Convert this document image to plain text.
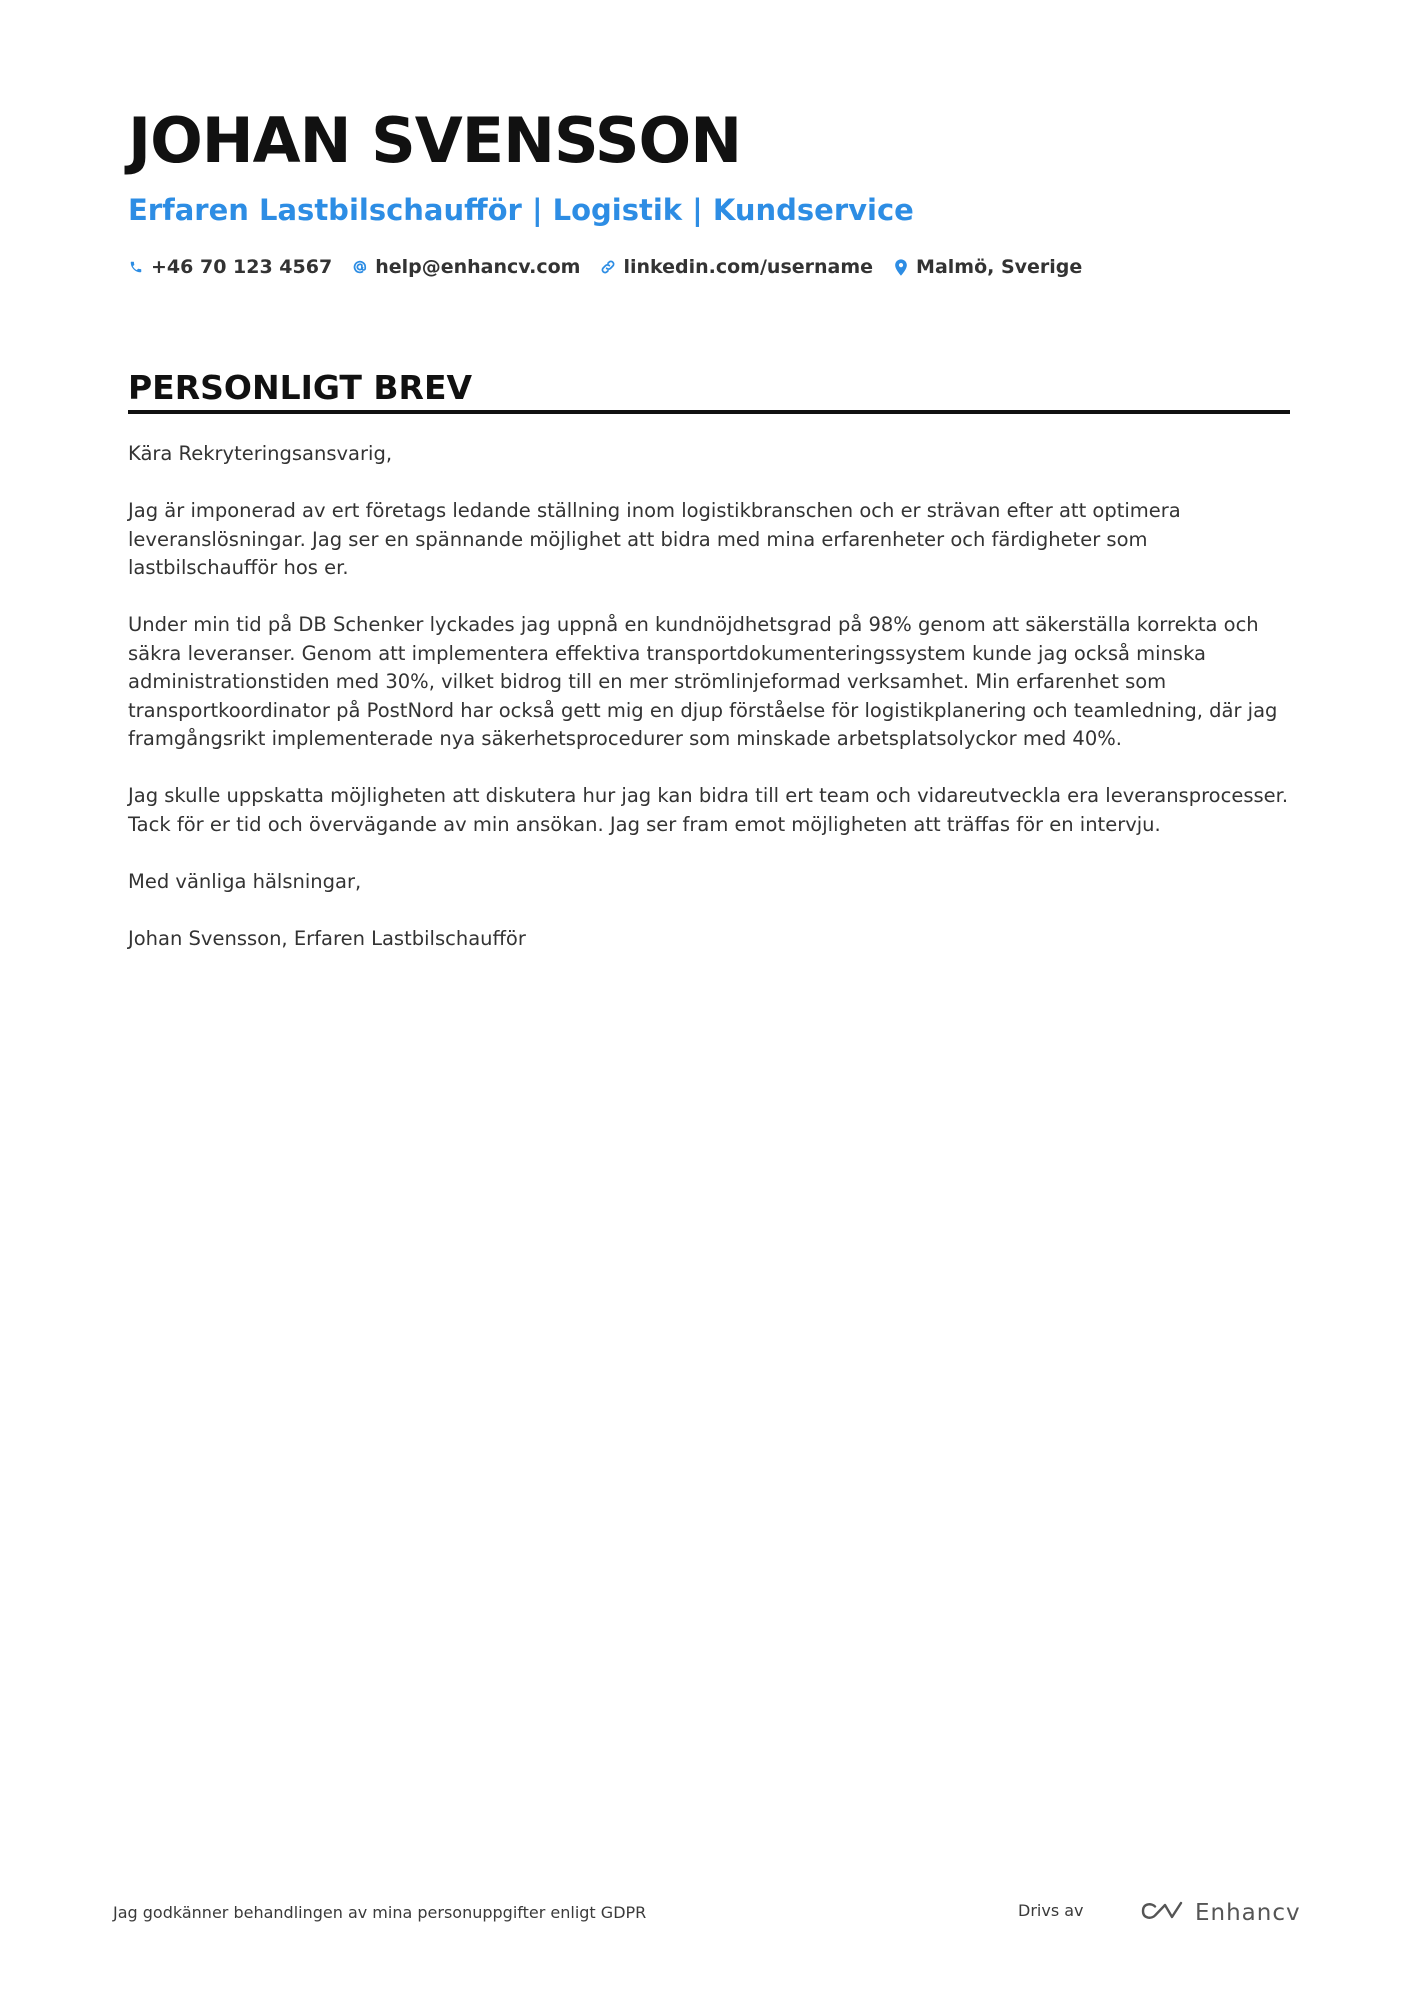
JOHAN SVENSSON
Erfaren Lastbilschaufför | Logistik | Kundservice
+46 70 123 4567 help@enhancv.com linkedin.com/username Malmö, Sverige
PERSONLIGT BREV

Kära Rekryteringsansvarig,

Jag är imponerad av ert företags ledande ställning inom logistikbranschen och er strävan efter att optimera leveranslösningar. Jag ser en spännande möjlighet att bidra med mina erfarenheter och färdigheter som lastbilschaufför hos er.

Under min tid på DB Schenker lyckades jag uppnå en kundnöjdhetsgrad på 98% genom att säkerställa korrekta och säkra leveranser. Genom att implementera effektiva transportdokumenteringssystem kunde jag också minska administrationstiden med 30%, vilket bidrog till en mer strömlinjeformad verksamhet. Min erfarenhet som transportkoordinator på PostNord har också gett mig en djup förståelse för logistikplanering och teamledning, där jag framgångsrikt implementerade nya säkerhetsprocedurer som minskade arbetsplatsolyckor med 40%.

Jag skulle uppskatta möjligheten att diskutera hur jag kan bidra till ert team och vidareutveckla era leveransprocesser. Tack för er tid och övervägande av min ansökan. Jag ser fram emot möjligheten att träffas för en intervju.

Med vänliga hälsningar,

Johan Svensson, Erfaren Lastbilschaufför

Jag godkänner behandlingen av mina personuppgifter enligt GDPR	Drivs av	Enhancv
